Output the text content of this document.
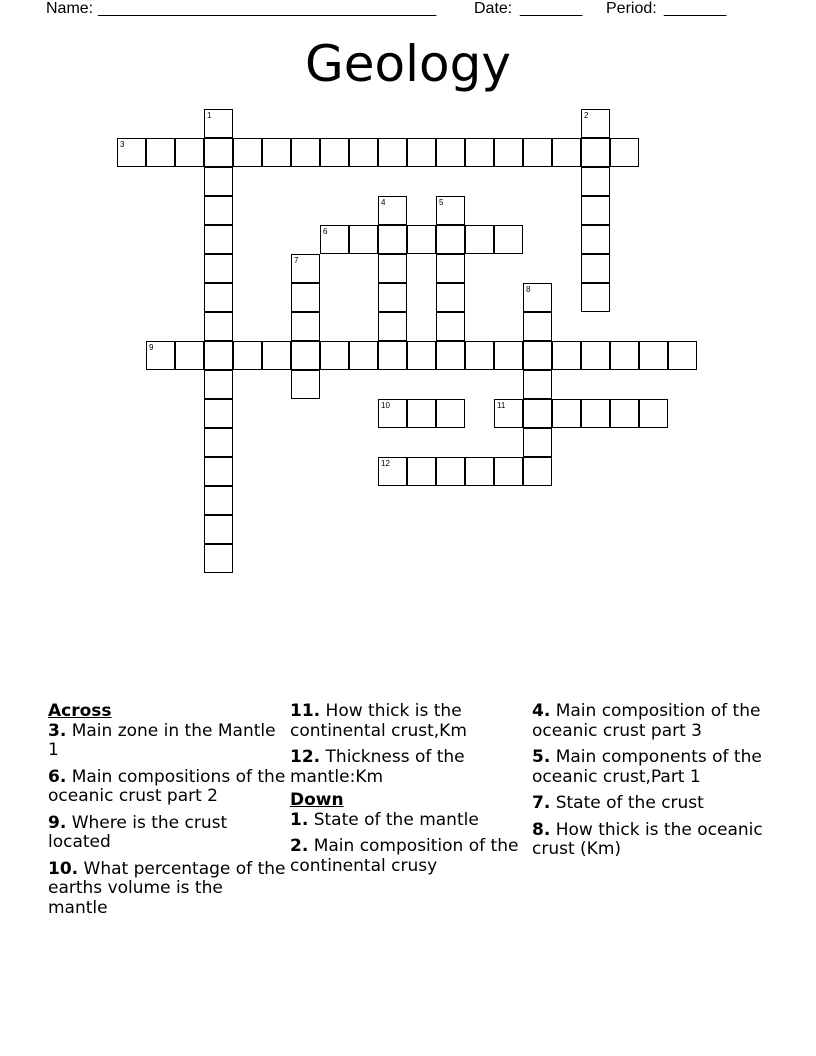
Name: ______________________________________ Date: _______ Period: _______
Geology
1	2
3
4	5
6
7
8
9
10	11
12
Across
3. Main zone in the Mantle 1
6. Main compositions of the oceanic crust part 2
9. Where is the crust located
10. What percentage of the earths volume is the mantle
11. How thick is the continental crust,Km
12. Thickness of the mantle:Km
Down
1. State of the mantle
2. Main composition of the continental crusy
4. Main composition of the oceanic crust part 3
5. Main components of the oceanic crust,Part 1
7. State of the crust
8. How thick is the oceanic crust (Km)
